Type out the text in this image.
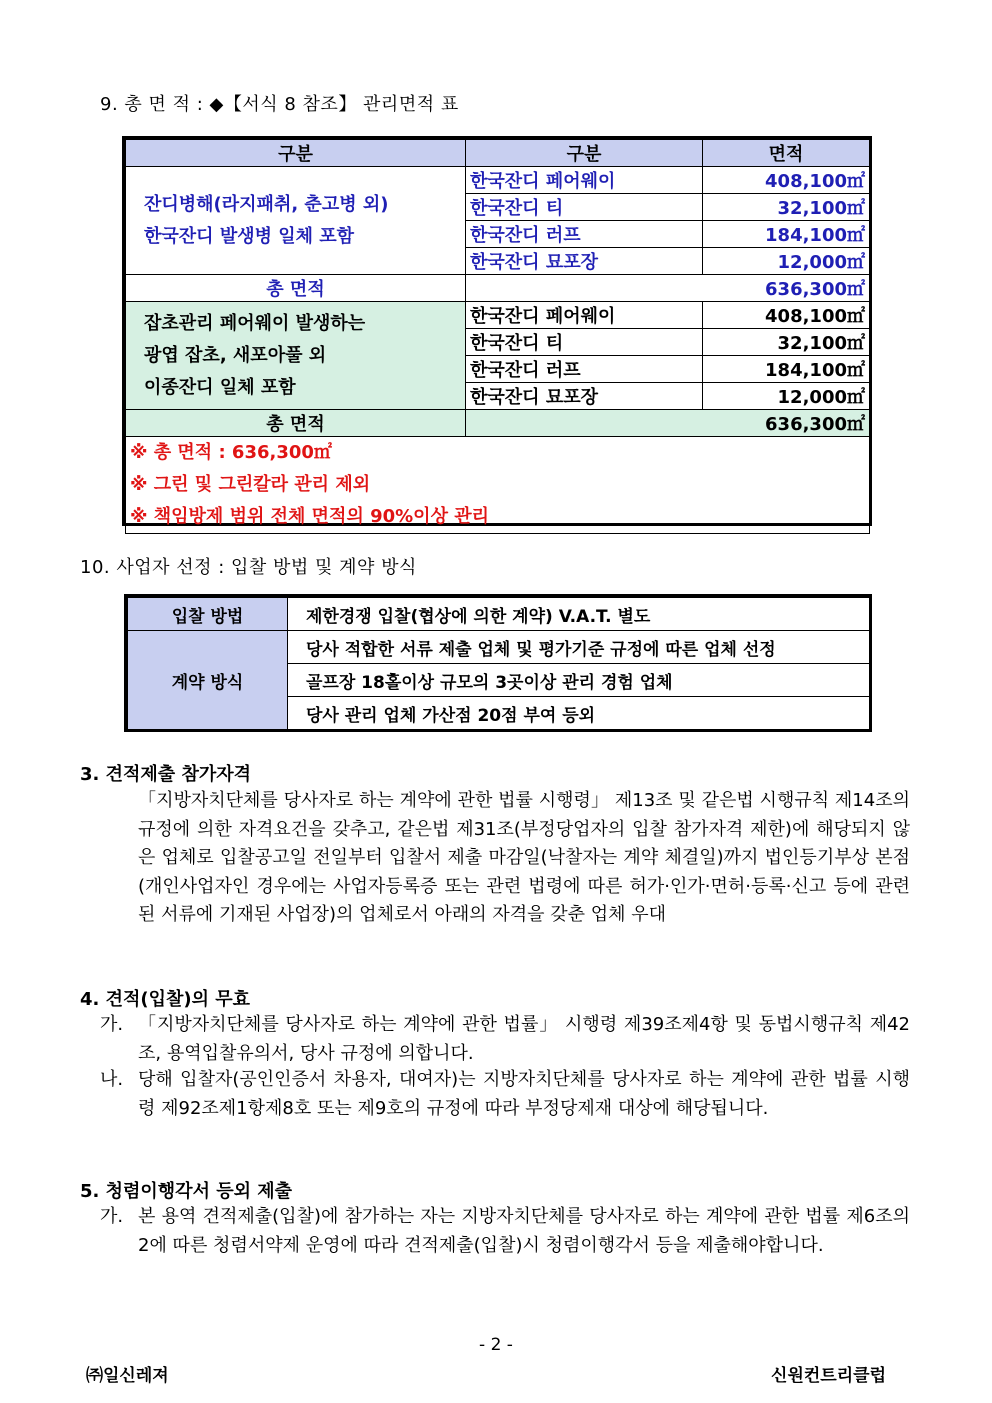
9. 총 면 적 : ◆【서식 8 참조】 관리면적 표
구분	구분	면적

잔디병해(라지패취, 춘고병 외)
한국잔디 발생병 일체 포함	한국잔디 페어웨이	408,100㎡
	한국잔디 티	32,100㎡
	한국잔디 러프	184,100㎡
	한국잔디 묘포장	12,000㎡
총 면적	636,300㎡	

잡초관리 페어웨이 발생하는
광엽 잡초, 새포아풀 외
이종잔디 일체 포함	한국잔디 페어웨이	408,100㎡
	한국잔디 티	32,100㎡
	한국잔디 러프	184,100㎡
	한국잔디 묘포장	12,000㎡
총 면적	636,300㎡	

※ 총 면적 : 636,300㎡
※ 그린 및 그린칼라 관리 제외
※ 책임방제 범위 전체 면적의 90%이상 관리		
10. 사업자 선정 : 입찰 방법 및 계약 방식
입찰 방법	제한경쟁 입찰(협상에 의한 계약) V.A.T. 별도
계약 방식	당사 적합한 서류 제출 업체 및 평가기준 규정에 따른 업체 선정
	골프장 18홀이상 규모의 3곳이상 관리 경험 업체
	당사 관리 업체 가산점 20점 부여 등외
3. 견적제출 참가자격
「지방자치단체를 당사자로 하는 계약에 관한 법률 시행령」 제13조 및 같은법 시행규칙 제14조의 규정에 의한 자격요건을 갖추고, 같은법 제31조(부정당업자의 입찰 참가자격 제한)에 해당되지 않은 업체로 입찰공고일 전일부터 입찰서 제출 마감일(낙찰자는 계약 체결일)까지 법인등기부상 본점(개인사업자인 경우에는 사업자등록증 또는 관련 법령에 따른 허가·인가·면허·등록·신고 등에 관련된 서류에 기재된 사업장)의 업체로서 아래의 자격을 갖춘 업체 우대
4. 견적(입찰)의 무효
가. 「지방자치단체를 당사자로 하는 계약에 관한 법률」 시행령 제39조제4항 및 동법시행규칙 제42조, 용역입찰유의서, 당사 규정에 의합니다.
나. 당해 입찰자(공인인증서 차용자, 대여자)는 지방자치단체를 당사자로 하는 계약에 관한 법률 시행령 제92조제1항제8호 또는 제9호의 규정에 따라 부정당제재 대상에 해당됩니다.
5. 청렴이행각서 등외 제출
가. 본 용역 견적제출(입찰)에 참가하는 자는 지방자치단체를 당사자로 하는 계약에 관한 법률 제6조의2에 따른 청렴서약제 운영에 따라 견적제출(입찰)시 청렴이행각서 등을 제출해야합니다.
- 2 -
㈜일신레져	신원컨트리클럽
